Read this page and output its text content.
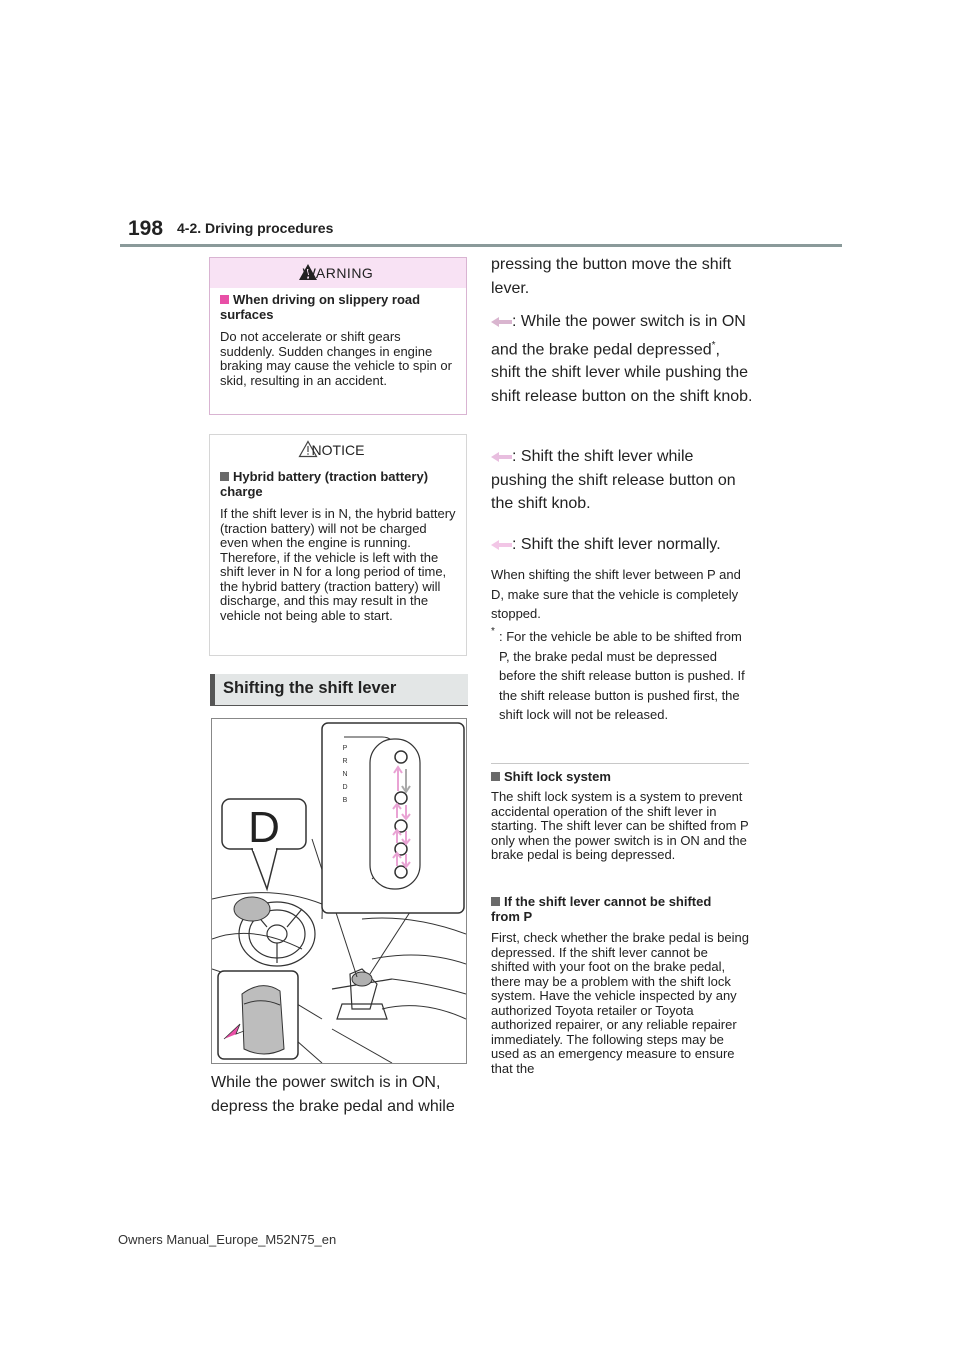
198 4-2. Driving procedures
WARNING
When driving on slippery road surfaces
Do not accelerate or shift gears suddenly. Sudden changes in engine braking may cause the vehicle to spin or skid, resulting in an accident.
NOTICE
Hybrid battery (traction battery) charge
If the shift lever is in N, the hybrid battery (traction battery) will not be charged even when the engine is running. Therefore, if the vehicle is left with the shift lever in N for a long period of time, the hybrid battery (traction battery) will discharge, and this may result in the vehicle not being able to start.
Shifting the shift lever
D
P
R
N
D
B
While the power switch is in ON, depress the brake pedal and while
pressing the button move the shift lever.
: While the power switch is in ON and the brake pedal depressed*, shift the shift lever while pushing the shift release button on the shift knob.
: Shift the shift lever while pushing the shift release button on the shift knob.
: Shift the shift lever normally.
When shifting the shift lever between P and D, make sure that the vehicle is completely stopped.
* : For the vehicle be able to be shifted from P, the brake pedal must be depressed before the shift release button is pushed. If the shift release button is pushed first, the shift lock will not be released.
Shift lock system
The shift lock system is a system to prevent accidental operation of the shift lever in starting. The shift lever can be shifted from P only when the power switch is in ON and the brake pedal is being depressed.
If the shift lever cannot be shifted from P
First, check whether the brake pedal is being depressed. If the shift lever cannot be shifted with your foot on the brake pedal, there may be a problem with the shift lock system. Have the vehicle inspected by any authorized Toyota retailer or Toyota authorized repairer, or any reliable repairer immediately. The following steps may be used as an emergency measure to ensure that the
Owners Manual_Europe_M52N75_en
